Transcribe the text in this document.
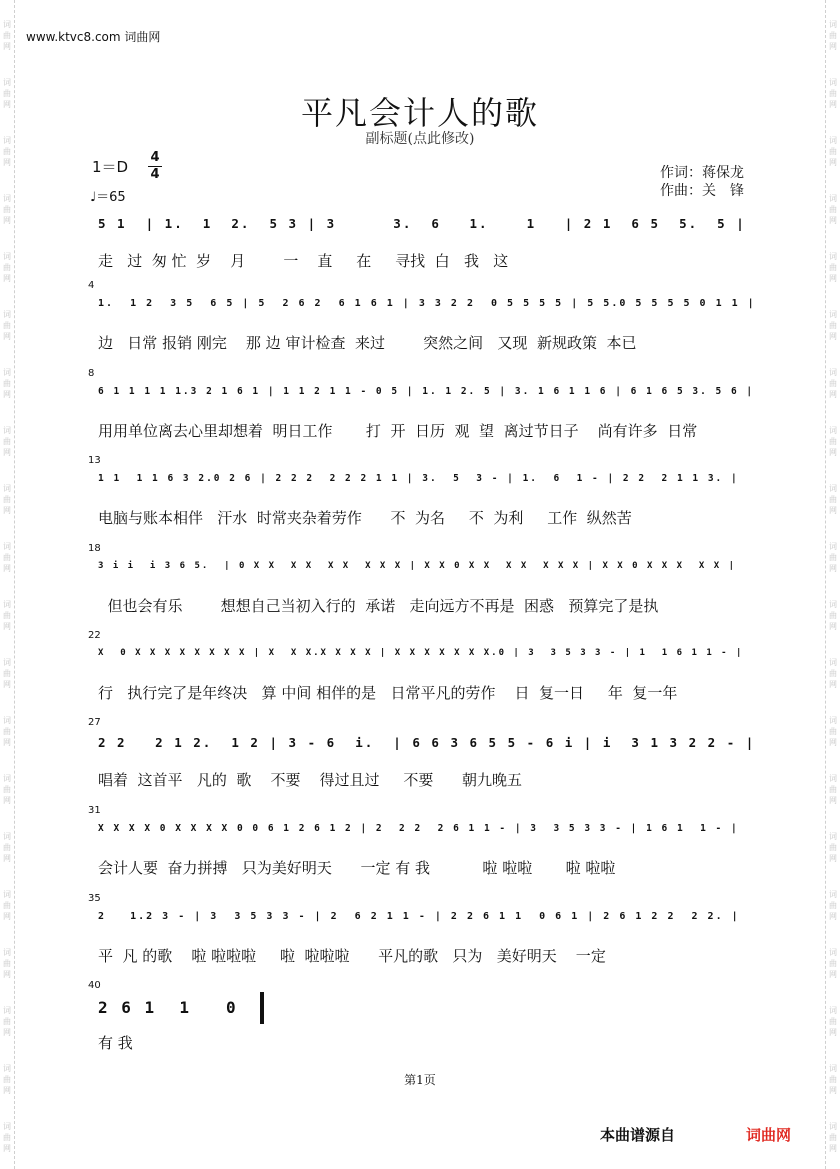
词
曲
网
词
曲
网
词
曲
网
词
曲
网
词
曲
网
词
曲
网
词
曲
网
词
曲
网
词
曲
网
词
曲
网
词
曲
网
词
曲
网
词
曲
网
词
曲
网
词
曲
网
词
曲
网
词
曲
网
词
曲
网
词
曲
网
词
曲
网
词
曲
网
词
曲
网
词
曲
网
词
曲
网
词
曲
网
词
曲
网
词
曲
网
词
曲
网
词
曲
网
词
曲
网
词
曲
网
词
曲
网
词
曲
网
词
曲
网
词
曲
网
词
曲
网
词
曲
网
词
曲
网
词
曲
网
词
曲
网
www.ktvc8.com 词曲网
平凡会计人的歌
副标题(点此修改)
1＝D
4
4
♩＝65
作词：蒋保龙
作曲：关　锋
5 1  | 1.  1  2.  5 3 | 3      3.  6   1.    1   | 2 1  6 5  5.  5 |
走   过  匆 忙  岁    月        一    直     在     寻找  白   我   这
4
1.  1 2  3 5  6 5 | 5  2 6 2  6 1 6 1 | 3 3 2 2  0 5 5 5 5 | 5 5.0 5 5 5 5 0 1 1 |
边   日常 报销 刚完    那 边 审计检查  来过        突然之间   又现  新规政策  本已
8
6 1 1 1 1 1.3 2 1 6 1 | 1 1 2 1 1 - 0 5 | 1. 1 2. 5 | 3. 1 6 1 1 6 | 6 1 6 5 3. 5 6 |
用用单位离去心里却想着  明日工作       打  开  日历  观  望  离过节日子    尚有许多  日常
13
1 1  1 1 6 3 2.0 2 6 | 2 2 2  2 2 2 1 1 | 3.  5  3 - | 1.  6  1 - | 2 2  2 1 1 3. |
电脑与账本相伴   汗水  时常夹杂着劳作      不  为名     不  为利     工作  纵然苦
18
3 i i  i 3 6 5.  | 0 X X  X X  X X  X X X | X X 0 X X  X X  X X X | X X 0 X X X  X X |
但也会有乐        想想自己当初入行的  承诺   走向远方不再是  困惑   预算完了是执
22
X  0 X X X X X X X X | X  X X.X X X X | X X X X X X X.0 | 3  3 5 3 3 - | 1  1 6 1 1 - |
行   执行完了是年终决   算 中间 相伴的是   日常平凡的劳作    日  复一日     年  复一年
27
2 2   2 1 2.  1 2 | 3 - 6  i.  | 6 6 3 6 5 5 - 6 i | i  3 1 3 2 2 - |
唱着  这首平   凡的  歌    不要    得过且过     不要      朝九晚五
31
X X X X 0 X X X X 0 0 6 1 2 6 1 2 | 2  2 2  2 6 1 1 - | 3  3 5 3 3 - | 1 6 1  1 - |
会计人要  奋力拼搏   只为美好明天      一定 有 我           啦 啦啦       啦 啦啦
35
2   1.2 3 - | 3  3 5 3 3 - | 2  6 2 1 1 - | 2 2 6 1 1  0 6 1 | 2 6 1 2 2  2 2. |
平  凡 的歌    啦 啦啦啦     啦  啦啦啦      平凡的歌   只为   美好明天    一定
40
2 6 1  1   0
有 我
第1页
本曲谱源自	词曲网
